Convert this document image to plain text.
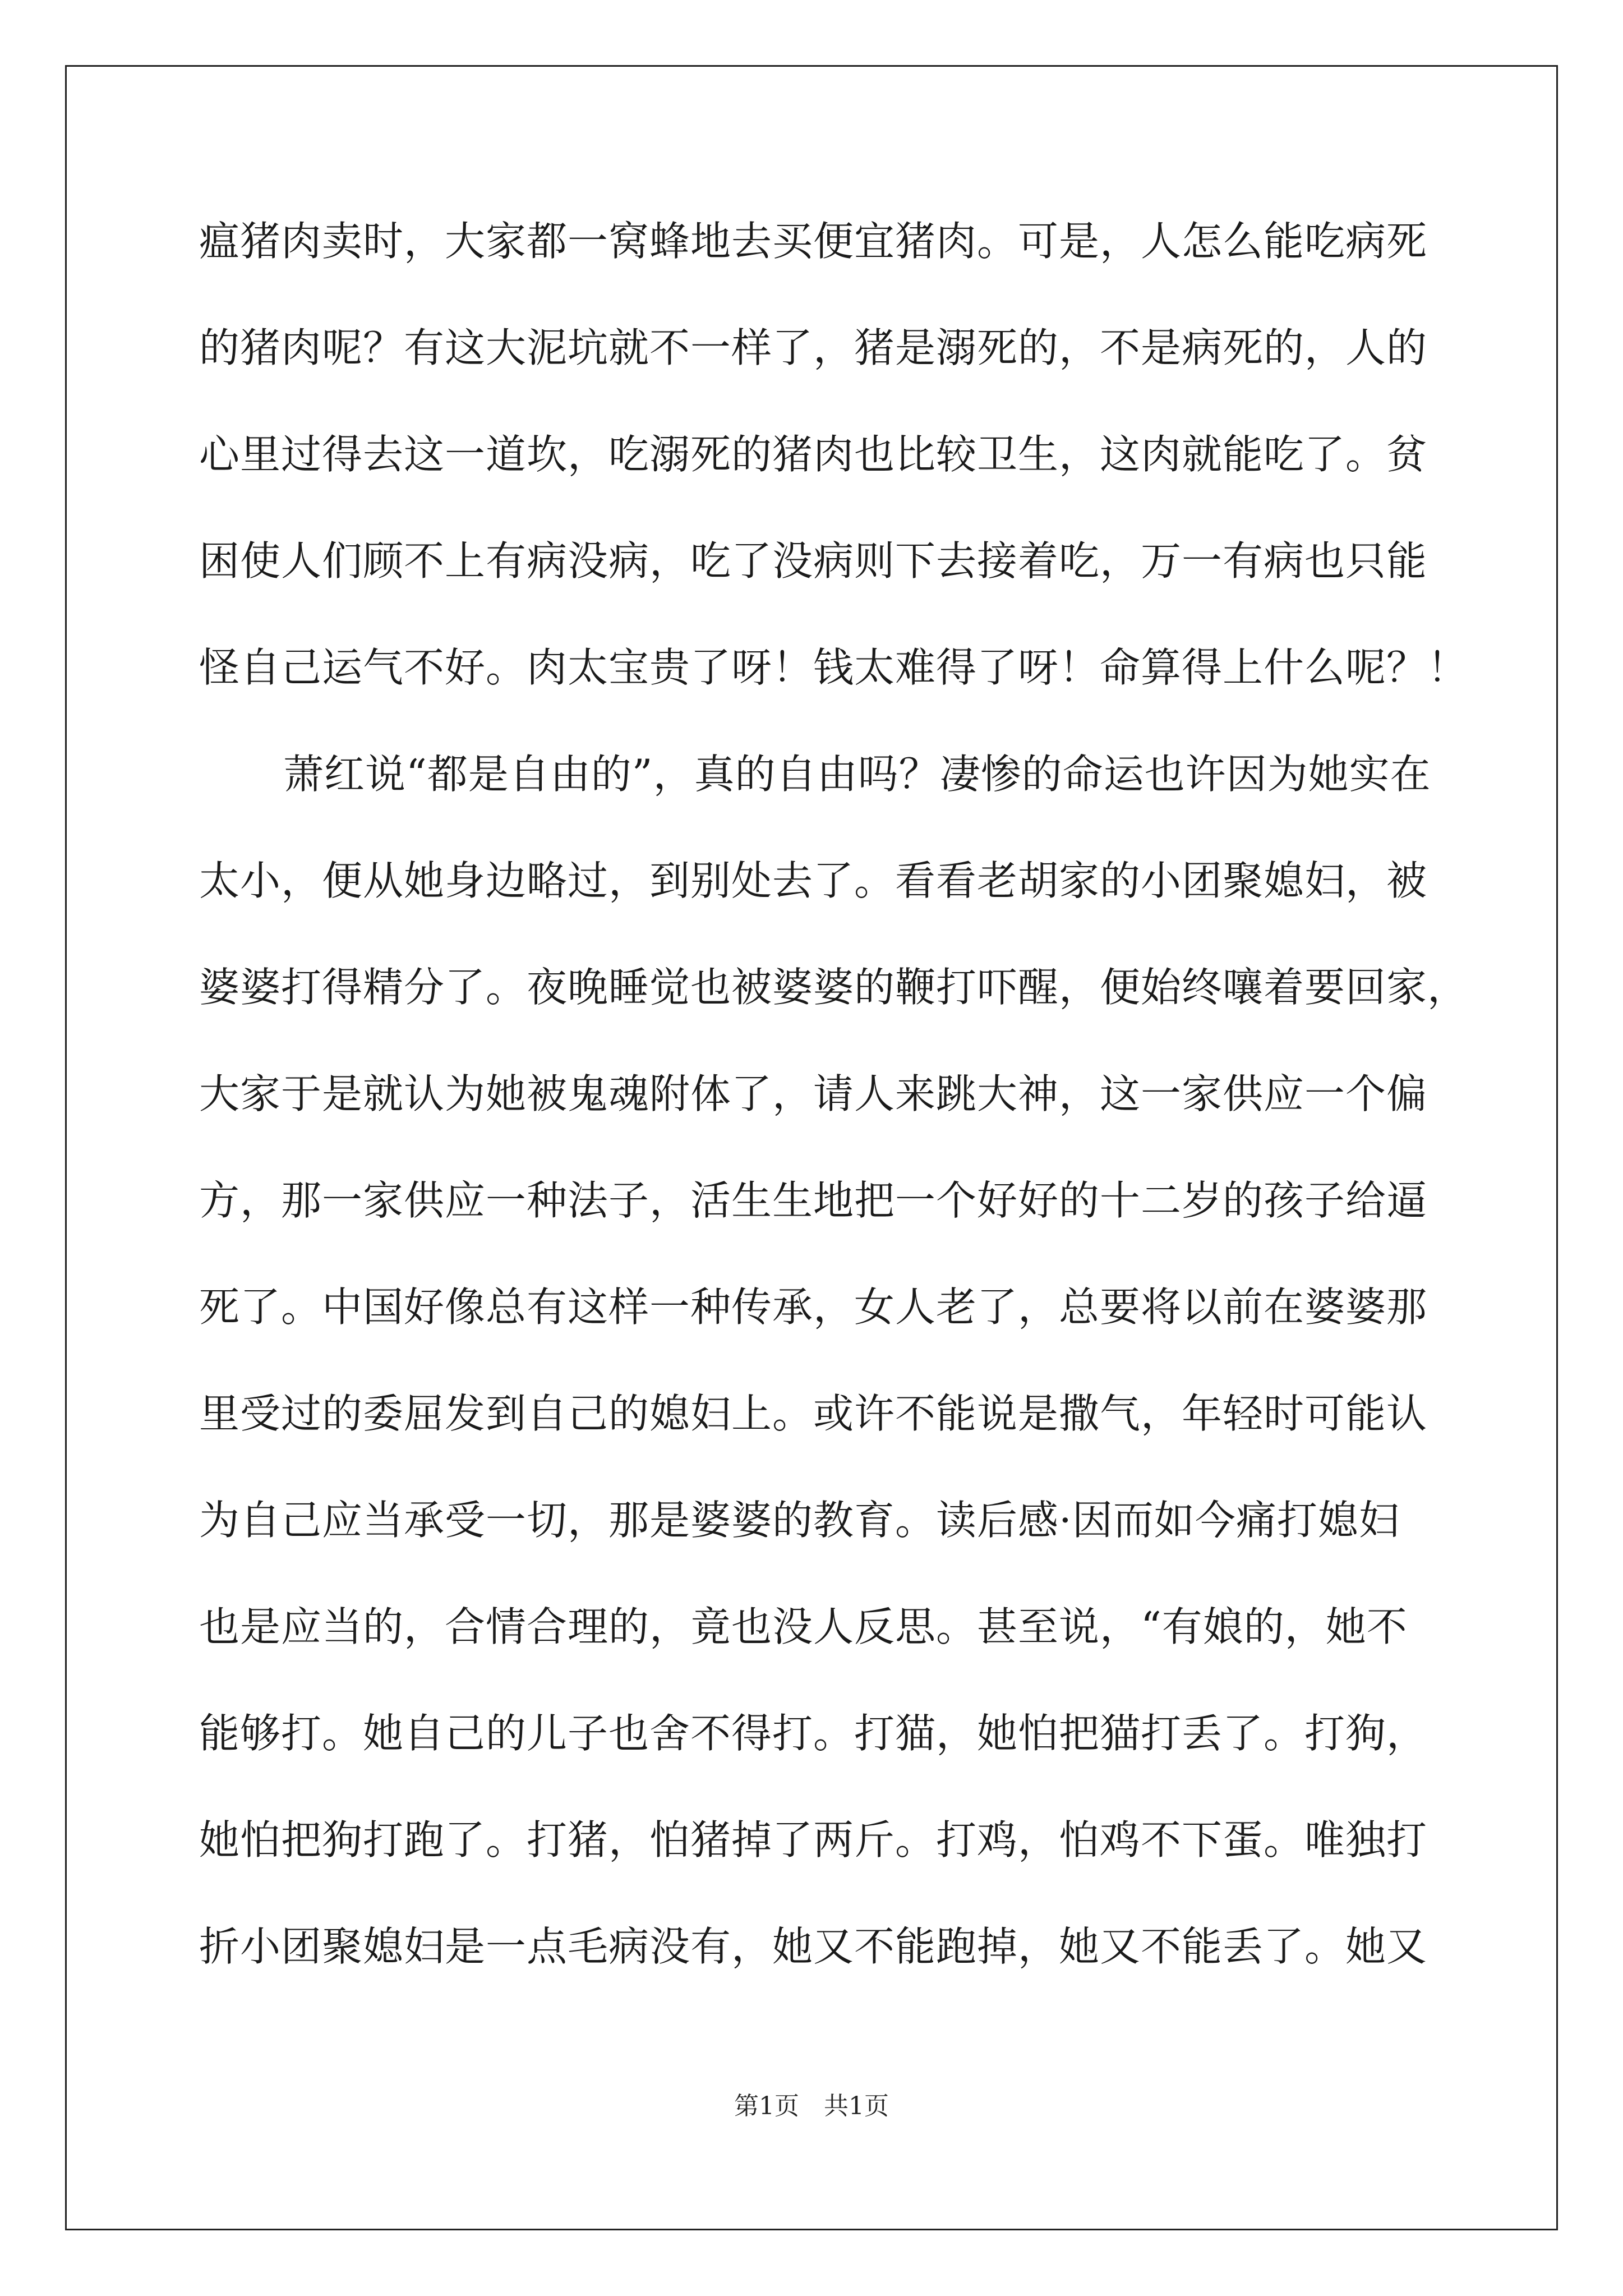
瘟猪肉卖时，大家都一窝蜂地去买便宜猪肉。可是，人怎么能吃病死
的猪肉呢？有这大泥坑就不一样了，猪是溺死的，不是病死的，人的
心里过得去这一道坎，吃溺死的猪肉也比较卫生，这肉就能吃了。贫
困使人们顾不上有病没病，吃了没病则下去接着吃，万一有病也只能
怪自己运气不好。肉太宝贵了呀！钱太难得了呀！命算得上什么呢？！
萧红说“都是自由的”，真的自由吗？凄惨的命运也许因为她实在
太小，便从她身边略过，到别处去了。看看老胡家的小团聚媳妇，被
婆婆打得精分了。夜晚睡觉也被婆婆的鞭打吓醒，便始终嚷着要回家，
大家于是就认为她被鬼魂附体了，请人来跳大神，这一家供应一个偏
方，那一家供应一种法子，活生生地把一个好好的十二岁的孩子给逼
死了。中国好像总有这样一种传承，女人老了，总要将以前在婆婆那
里受过的委屈发到自己的媳妇上。或许不能说是撒气，年轻时可能认
为自己应当承受一切，那是婆婆的教育。读后感·因而如今痛打媳妇
也是应当的，合情合理的，竟也没人反思。甚至说，“有娘的，她不
能够打。她自己的儿子也舍不得打。打猫，她怕把猫打丢了。打狗，
她怕把狗打跑了。打猪，怕猪掉了两斤。打鸡，怕鸡不下蛋。唯独打
折小团聚媳妇是一点毛病没有，她又不能跑掉，她又不能丢了。她又
第1页　共1页
